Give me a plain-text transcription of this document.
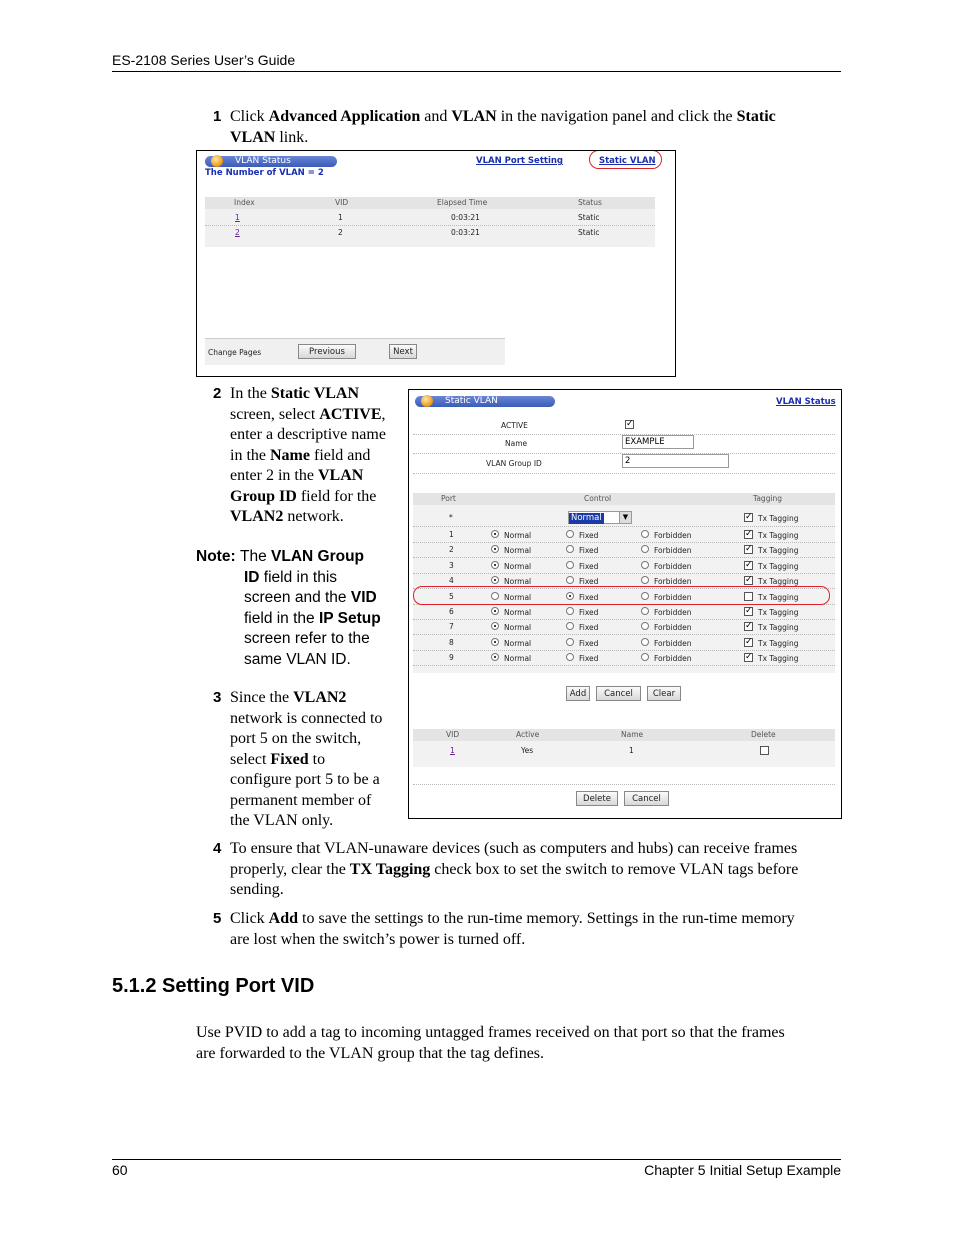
ES-2108 Series User’s Guide
1 Click Advanced Application and VLAN in the navigation panel and click the Static
VLAN link.
VLAN Status
The Number of VLAN = 2
VLAN Port Setting	Static VLAN
Index	VID	Elapsed Time	Status
1	1	0:03:21	Static
2	2	0:03:21	Static
Change Pages	Previous	Next
2 In the Static VLAN
screen, select ACTIVE,
enter a descriptive name
in the Name field and
enter 2 in the VLAN
Group ID field for the
VLAN2 network.
Note: The VLAN Group
ID field in this
screen and the VID
field in the IP Setup
screen refer to the
same VLAN ID.
3 Since the VLAN2
network is connected to
port 5 on the switch,
select Fixed to
configure port 5 to be a
permanent member of
the VLAN only.
Static VLAN	VLAN Status
ACTIVE	✓
Name	EXAMPLE
VLAN Group ID	2
Port	Control	Tagging
*	Normal	▼	✓ Tx Tagging
1	Normal	Fixed	Forbidden	✓ Tx Tagging
2	Normal	Fixed	Forbidden	✓ Tx Tagging
3	Normal	Fixed	Forbidden	✓ Tx Tagging
4	Normal	Fixed	Forbidden	✓ Tx Tagging
5	Normal	Fixed	Forbidden	Tx Tagging
6	Normal	Fixed	Forbidden	✓ Tx Tagging
7	Normal	Fixed	Forbidden	✓ Tx Tagging
8	Normal	Fixed	Forbidden	✓ Tx Tagging
9	Normal	Fixed	Forbidden	✓ Tx Tagging
Add	Cancel	Clear
VID	Active	Name	Delete
1	Yes	1
Delete	Cancel
4 To ensure that VLAN-unaware devices (such as computers and hubs) can receive frames
properly, clear the TX Tagging check box to set the switch to remove VLAN tags before
sending.
5 Click Add to save the settings to the run-time memory. Settings in the run-time memory
are lost when the switch’s power is turned off.
5.1.2 Setting Port VID
Use PVID to add a tag to incoming untagged frames received on that port so that the frames
are forwarded to the VLAN group that the tag defines.
60	Chapter 5 Initial Setup Example
